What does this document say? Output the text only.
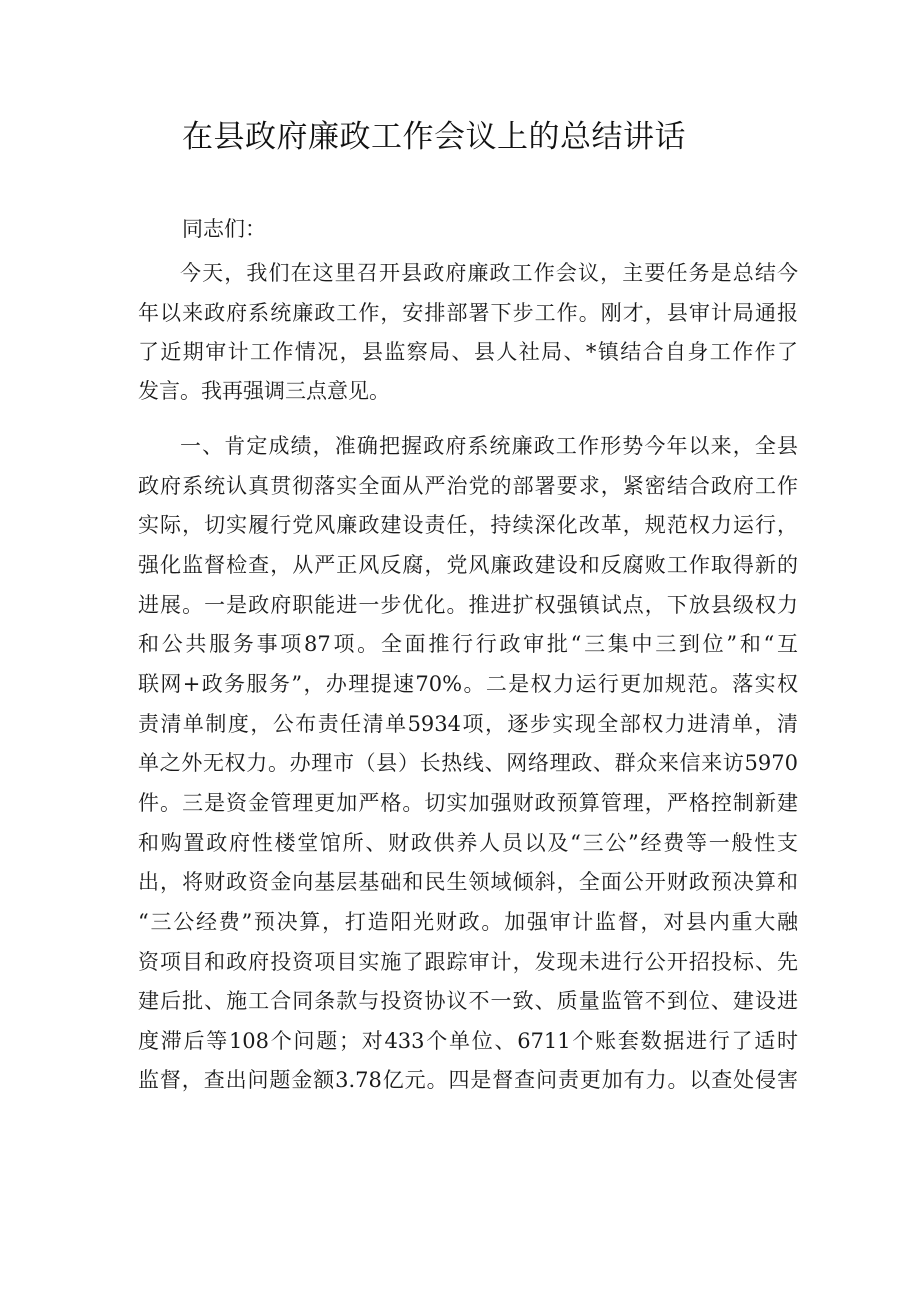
在县政府廉政工作会议上的总结讲话
同志们：
今天，我们在这里召开县政府廉政工作会议，主要任务是总结今
年以来政府系统廉政工作，安排部署下步工作。刚才，县审计局通报
了近期审计工作情况，县监察局、县人社局、*镇结合自身工作作了
发言。我再强调三点意见。
一、肯定成绩，准确把握政府系统廉政工作形势今年以来，全县
政府系统认真贯彻落实全面从严治党的部署要求，紧密结合政府工作
实际，切实履行党风廉政建设责任，持续深化改革，规范权力运行，
强化监督检查，从严正风反腐，党风廉政建设和反腐败工作取得新的
进展。一是政府职能进一步优化。推进扩权强镇试点，下放县级权力
和公共服务事项87项。全面推行行政审批“三集中三到位”和“互
联网+政务服务”，办理提速70%。二是权力运行更加规范。落实权
责清单制度，公布责任清单5934项，逐步实现全部权力进清单，清
单之外无权力。办理市（县）长热线、网络理政、群众来信来访5970
件。三是资金管理更加严格。切实加强财政预算管理，严格控制新建
和购置政府性楼堂馆所、财政供养人员以及“三公”经费等一般性支
出，将财政资金向基层基础和民生领域倾斜，全面公开财政预决算和
“三公经费”预决算，打造阳光财政。加强审计监督，对县内重大融
资项目和政府投资项目实施了跟踪审计，发现未进行公开招投标、先
建后批、施工合同条款与投资协议不一致、质量监管不到位、建设进
度滞后等108个问题；对433个单位、6711个账套数据进行了适时
监督，查出问题金额3.78亿元。四是督查问责更加有力。以查处侵害
